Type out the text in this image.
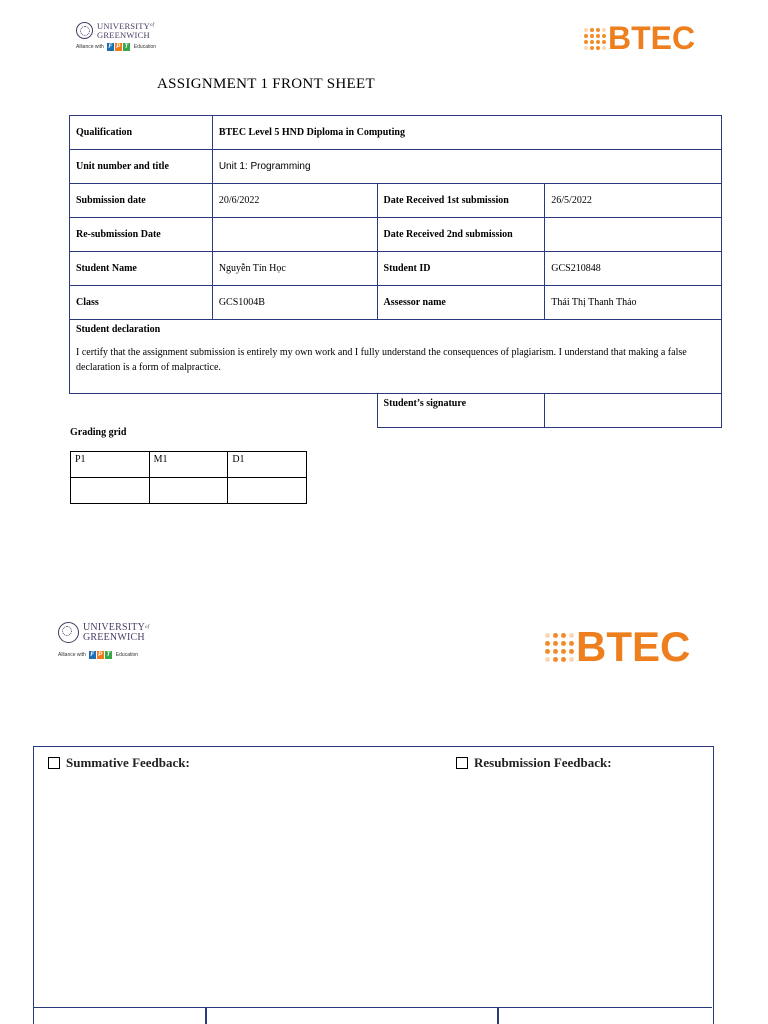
$UNIVERSITY^{of}$
GREENWICH
Alliance with F P T	Education	BTEC
ASSIGNMENT 1 FRONT SHEET
Qualification	BTEC Level 5 HND Diploma in Computing		
Unit number and title	Unit 1: Programming		
Submission date	20/6/2022	Date Received 1st submission	26/5/2022
Re-submission Date		Date Received 2nd submission	
Student Name	Nguyễn Tín Học	Student ID	GCS210848
Class	GCS1004B	Assessor name	Thái Thị Thanh Thảo

Student declaration
I certify that the assignment submission is entirely my own work and I fully understand the consequences of plagiarism. I understand that making a false declaration is a form of malpractice.			

		Student’s signature	
Grading grid
P1	M1	D1

$UNIVERSITY^{of}$
GREENWICH
Alliance with F P T	Education	BTEC
Summative Feedback:	Resubmission Feedback:
